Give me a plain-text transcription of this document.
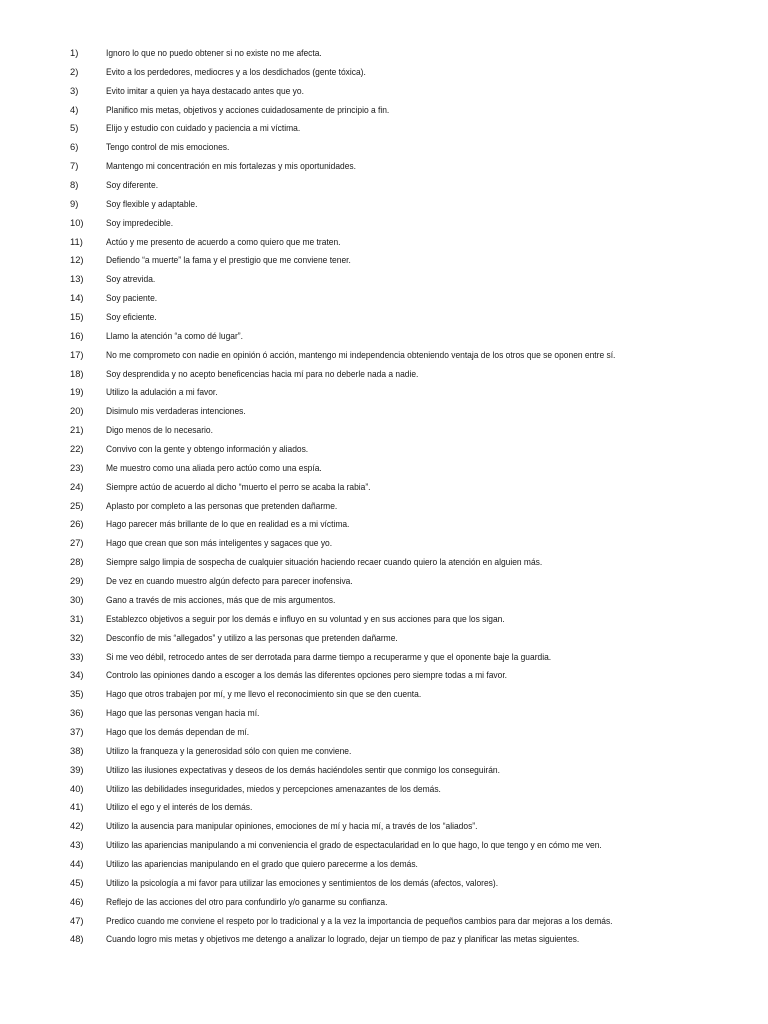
1)	Ignoro lo que no puedo obtener si no existe no me afecta.
2)	Evito a los perdedores, mediocres y a los desdichados (gente tóxica).
3)	Evito imitar a quien ya haya destacado antes que yo.
4)	Planifico mis metas, objetivos y acciones cuidadosamente de principio a fin.
5)	Elijo y estudio con cuidado y paciencia a mi víctima.
6)	Tengo control de mis emociones.
7)	Mantengo mi concentración en mis fortalezas y mis oportunidades.
8)	Soy diferente.
9)	Soy flexible y adaptable.
10) Soy impredecible.
11) Actúo y me presento de acuerdo a como quiero que me traten.
12) Defiendo “a muerte” la fama y el prestigio que me conviene tener.
13) Soy atrevida.
14) Soy paciente.
15) Soy eficiente.
16) Llamo la atención “a como dé lugar”.
17) No me comprometo con nadie en opinión ó acción, mantengo mi independencia obteniendo ventaja de los otros que se oponen entre sí.
18) Soy desprendida y no acepto beneficencias hacia mí para no deberle nada a nadie.
19) Utilizo la adulación a mi favor.
20) Disimulo mis verdaderas intenciones.
21) Digo menos de lo necesario.
22) Convivo con la gente y obtengo información y aliados.
23) Me muestro como una aliada pero actúo como una espía.
24) Siempre actúo de acuerdo al dicho “muerto el perro se acaba la rabia”.
25) Aplasto por completo a las personas que pretenden dañarme.
26) Hago parecer más brillante de lo que en realidad es a mi víctima.
27) Hago que crean que son más inteligentes y sagaces que yo.
28) Siempre salgo limpia de sospecha de cualquier situación haciendo recaer cuando quiero la atención en alguien más.
29) De vez en cuando muestro algún defecto para parecer inofensiva.
30) Gano a través de mis acciones, más que de mis argumentos.
31) Establezco objetivos a seguir por los demás e influyo en su voluntad y en sus acciones para que los sigan.
32) Desconfío de mis “allegados” y utilizo a las personas que pretenden dañarme.
33) Si me veo débil, retrocedo antes de ser derrotada para darme tiempo a recuperarme y que el oponente baje la guardia.
34) Controlo las opiniones dando a escoger a los demás las diferentes opciones pero siempre todas a mi favor.
35) Hago que otros trabajen por mí, y me llevo el reconocimiento sin que se den cuenta.
36) Hago que las personas vengan hacia mí.
37) Hago que los demás dependan de mí.
38) Utilizo la franqueza y la generosidad sólo con quien me conviene.
39) Utilizo las ilusiones expectativas y deseos de los demás haciéndoles sentir que conmigo los conseguirán.
40) Utilizo las debilidades inseguridades, miedos y percepciones amenazantes de los demás.
41) Utilizo el ego y el interés de los demás.
42) Utilizo la ausencia para manipular opiniones, emociones de mí y hacia mí, a través de los “aliados”.
43) Utilizo las apariencias manipulando a mi conveniencia el grado de espectacularidad en lo que hago, lo que tengo y en cómo me ven.
44) Utilizo las apariencias manipulando en el grado que quiero parecerme a los demás.
45) Utilizo la psicología a mi favor para utilizar las emociones y sentimientos de los demás (afectos, valores).
46) Reflejo de las acciones del otro para confundirlo y/o ganarme su confianza.
47) Predico cuando me conviene el respeto por lo tradicional y a la vez la importancia de pequeños cambios para dar mejoras a los demás.
48) Cuando logro mis metas y objetivos me detengo a analizar lo logrado, dejar un tiempo de paz y planificar las metas siguientes.
